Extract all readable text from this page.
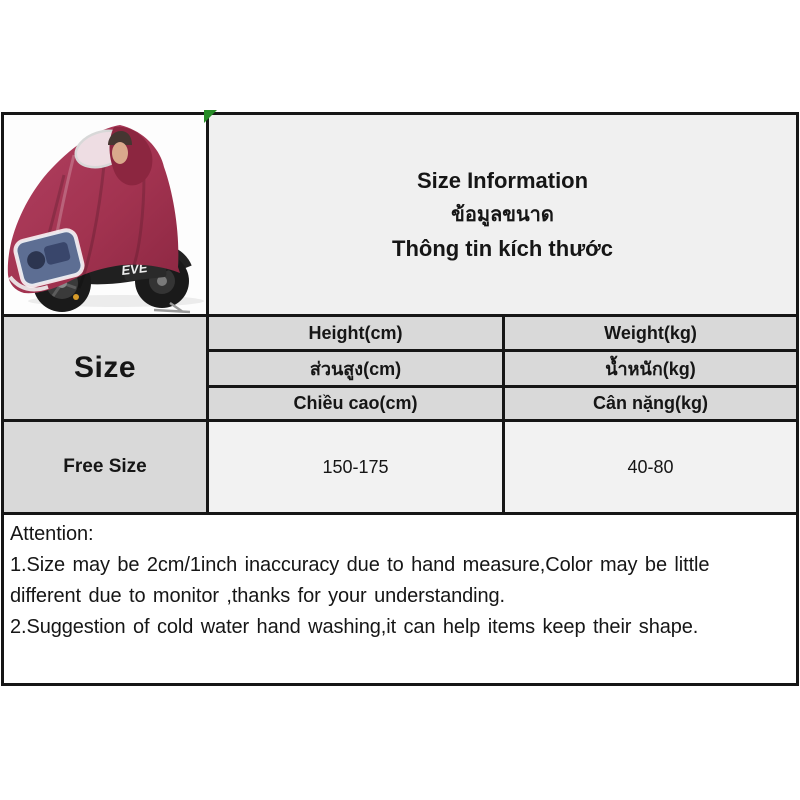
EVE
Size Information
ข้อมูลขนาด
Thông tin kích thước
Size
Height(cm)	Weight(kg)
ส่วนสูง(cm)	น้ำหนัก(kg)
Chiều cao(cm)	Cân nặng(kg)
Free Size	150-175	40-80
Attention:
1.Size may be 2cm/1inch inaccuracy due to hand measure,Color may be little
different due to monitor ,thanks for your understanding.
2.Suggestion of cold water hand washing,it can help items keep their shape.
